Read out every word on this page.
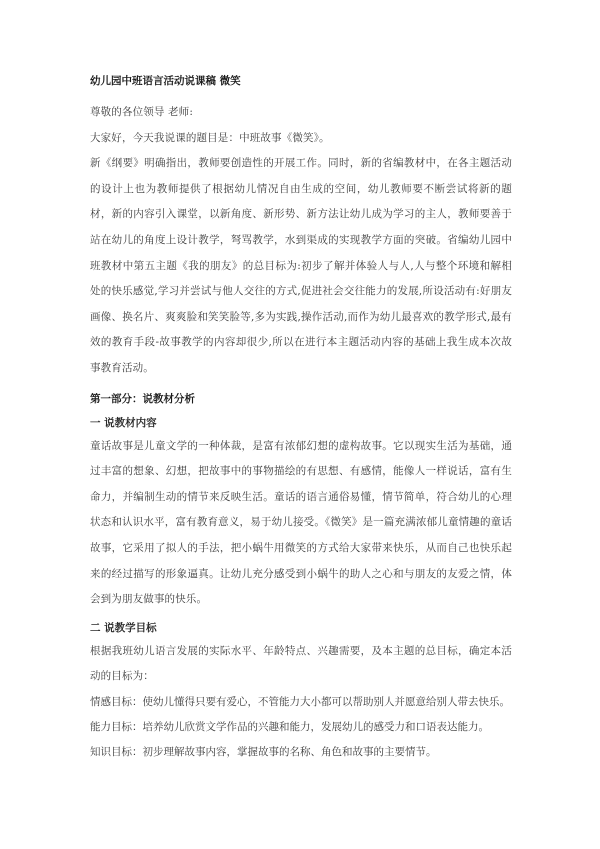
幼儿园中班语言活动说课稿 微笑

尊敬的各位领导 老师:

大家好，今天我说课的题目是：中班故事《微笑》。

新《纲要》明确指出，教师要创造性的开展工作。同时，新的省编教材中，在各主题活动的设计上也为教师提供了根据幼儿情况自由生成的空间，幼儿教师要不断尝试将新的题材，新的内容引入课堂，以新角度、新形势、新方法让幼儿成为学习的主人，教师要善于站在幼儿的角度上设计教学，弩骂教学，水到渠成的实现教学方面的突破。省编幼儿园中班教材中第五主题《我的朋友》的总目标为:初步了解并体验人与人,人与整个环境和解相处的快乐感觉,学习并尝试与他人交往的方式,促进社会交往能力的发展,所设活动有:好朋友画像、换名片、爽爽脸和笑笑脸等,多为实践,操作活动,而作为幼儿最喜欢的教学形式,最有效的教育手段-故事教学的内容却很少,所以在进行本主题活动内容的基础上我生成本次故事教育活动。

第一部分：说教材分析
一 说教材内容

童话故事是儿童文学的一种体裁，是富有浓郁幻想的虚构故事。它以现实生活为基础，通过丰富的想象、幻想，把故事中的事物描绘的有思想、有感情，能像人一样说话，富有生命力，并编制生动的情节来反映生活。童话的语言通俗易懂，情节简单，符合幼儿的心理状态和认识水平，富有教育意义，易于幼儿接受。《微笑》是一篇充满浓郁儿童情趣的童话故事，它采用了拟人的手法，把小蜗牛用微笑的方式给大家带来快乐，从而自己也快乐起来的经过描写的形象逼真。让幼儿充分感受到小蜗牛的助人之心和与朋友的友爱之情，体会到为朋友做事的快乐。

二 说教学目标

根据我班幼儿语言发展的实际水平、年龄特点、兴趣需要，及本主题的总目标，确定本活动的目标为：

情感目标：使幼儿懂得只要有爱心，不管能力大小都可以帮助别人并愿意给别人带去快乐。

能力目标：培养幼儿欣赏文学作品的兴趣和能力，发展幼儿的感受力和口语表达能力。

知识目标：初步理解故事内容，掌握故事的名称、角色和故事的主要情节。
